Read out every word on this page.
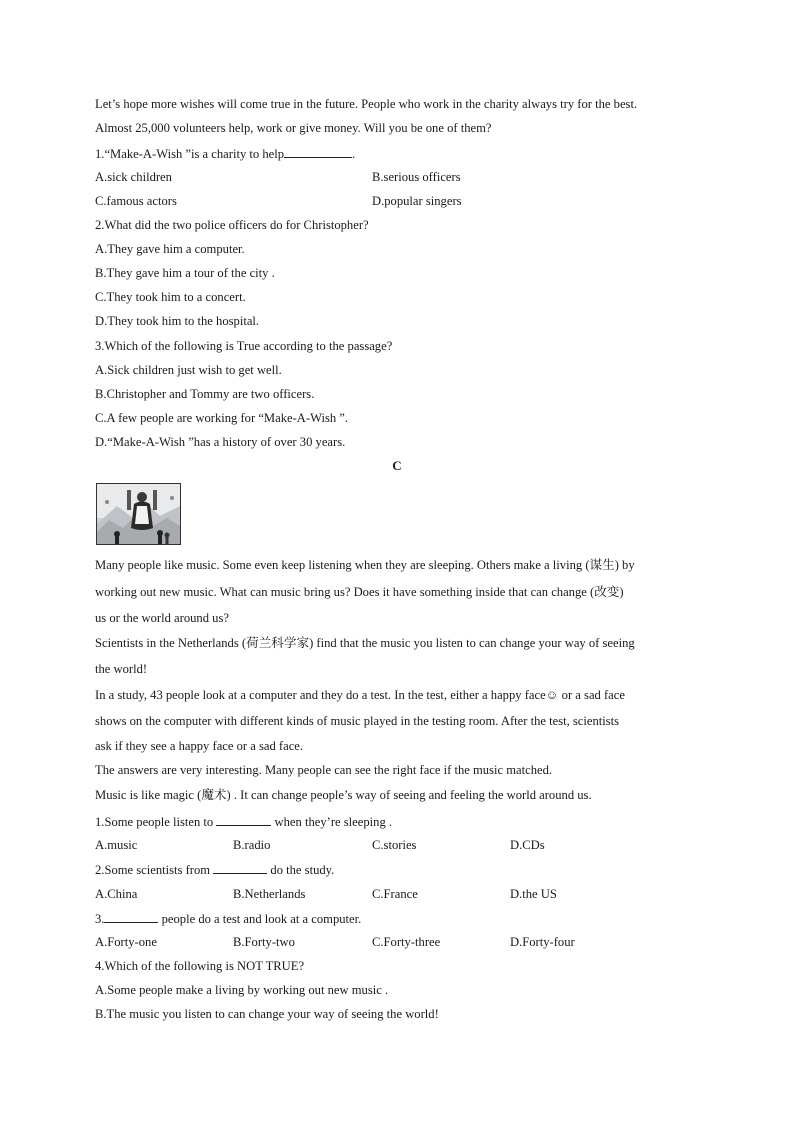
Let’s hope more wishes will come true in the future. People who work in the charity always try for the best.
Almost 25,000 volunteers help, work or give money. Will you be one of them?
1.“Make-A-Wish ”is a charity to help	.
A.sick children	B.serious officers
C.famous actors	D.popular singers
2.What did the two police officers do for Christopher?
A.They gave him a computer.
B.They gave him a tour of the city .
C.They took him to a concert.
D.They took him to the hospital.
3.Which of the following is True according to the passage?
A.Sick children just wish to get well.
B.Christopher and Tommy are two officers.
C.A few people are working for “Make-A-Wish ”.
D.“Make-A-Wish ”has a history of over 30 years.
C
Many people like music. Some even keep listening when they are sleeping. Others make a living (谋生) by
working out new music. What can music bring us? Does it have something inside that can change (改变)
us or the world around us?
Scientists in the Netherlands (荷兰科学家) find that the music you listen to can change your way of seeing
the world!
In a study, 43 people look at a computer and they do a test. In the test, either a happy face☺ or a sad face
shows on the computer with different kinds of music played in the testing room. After the test, scientists
ask if they see a happy face or a sad face.
The answers are very interesting. Many people can see the right face if the music matched.
Music is like magic (魔术) . It can change people’s way of seeing and feeling the world around us.
1.Some people listen to	when they’re sleeping .
A.music	B.radio	C.stories	D.CDs
2.Some scientists from	do the study.
A.China	B.Netherlands	C.France	D.the US
3.	people do a test and look at a computer.
A.Forty-one	B.Forty-two	C.Forty-three	D.Forty-four
4.Which of the following is NOT TRUE?
A.Some people make a living by working out new music .
B.The music you listen to can change your way of seeing the world!
